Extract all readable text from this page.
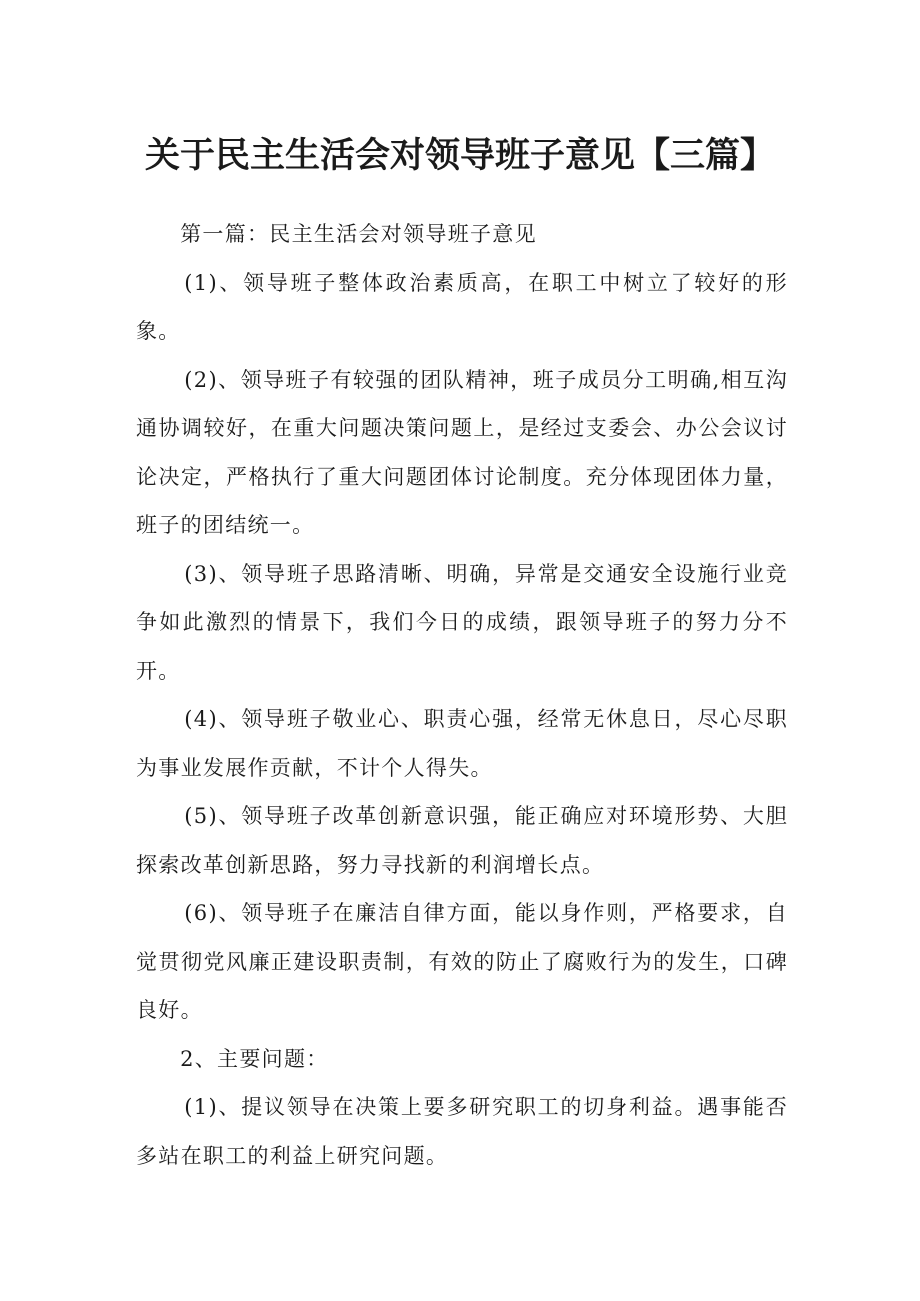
关于民主生活会对领导班子意见【三篇】

第一篇：民主生活会对领导班子意见

(1)、领导班子整体政治素质高，在职工中树立了较好的形象。

(2)、领导班子有较强的团队精神，班子成员分工明确,相互沟通协调较好，在重大问题决策问题上，是经过支委会、办公会议讨论决定，严格执行了重大问题团体讨论制度。充分体现团体力量，班子的团结统一。

(3)、领导班子思路清晰、明确，异常是交通安全设施行业竞争如此激烈的情景下，我们今日的成绩，跟领导班子的努力分不开。

(4)、领导班子敬业心、职责心强，经常无休息日，尽心尽职为事业发展作贡献，不计个人得失。

(5)、领导班子改革创新意识强，能正确应对环境形势、大胆探索改革创新思路，努力寻找新的利润增长点。

(6)、领导班子在廉洁自律方面，能以身作则，严格要求，自觉贯彻党风廉正建设职责制，有效的防止了腐败行为的发生，口碑良好。

2、主要问题：

(1)、提议领导在决策上要多研究职工的切身利益。遇事能否多站在职工的利益上研究问题。
